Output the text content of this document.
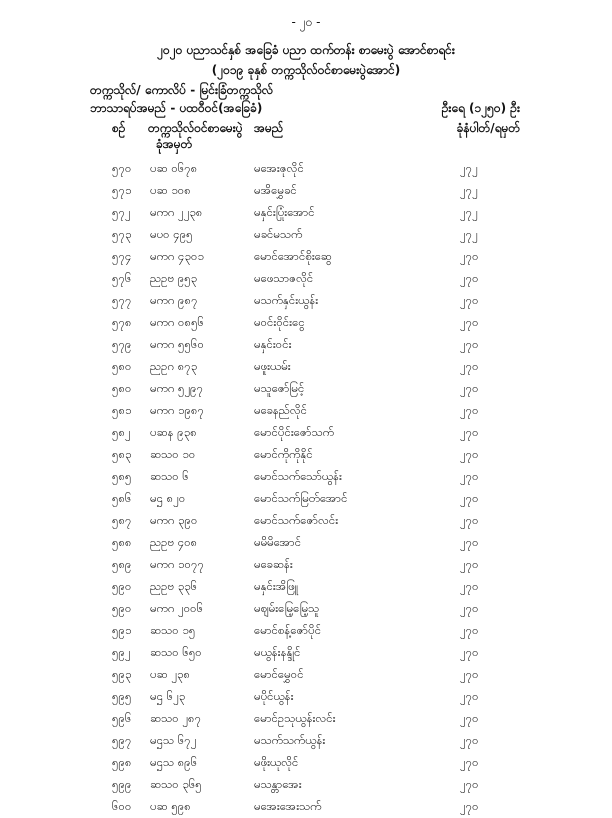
- ၂၀ -
၂၀၂၀ ပညာသင်နှစ် အခြေခံ ပညာ ထက်တန်း စာမေးပွဲ အောင်စာရင်း
(၂၀၁၉ ခုနှစ် တက္ကသိုလ်ဝင်စာမေးပွဲအောင်)
တက္ကသိုလ်/ ကောလိပ် - မြင်းခြံတက္ကသိုလ်
ဘာသာရပ်အမည် - ပထဝီဝင်(အခြေခံ)	ဦးရေ (၁၂၅၀) ဦး
စဉ် တက္ကသိုလ်ဝင်စာမေးပွဲ အမည်	ခုံနံပါတ်/ရမှတ်
ခုံအမှတ်
၅၇၀ ပဆ ၀၆၇၈	မအေးဇုလိုင်	၂၇၂
၅၇၁ ပဆ ၁၀၈	မအိမွှေခင်	၂၇၂
၅၇၂ မကဂ ၂၂၃၈	မနှင်းပြုံးအောင်	၂၇၂
၅၇၃ မပဝ ၄၉၅	မခင်မသက်	၂၇၂
၅၇၄ မကဂ ၄၃၀၁	မောင်အောင်စိုးဆွေ	၂၇၀
၅၇၆ ညဥဗ ၉၅၃	မဖေသာဇလိုင်	၂၇၀
၅၇၇ မကဂ ၉၈၇	မသက်နှင်းယွန်း	၂၇၀
၅၇၈ မကဂ ၀၈၅၆	မဝင်းဝိုင်းငွေ	၂၇၀
၅၇၉ မကဂ ၅၅၆၀	မနှင်းဝင်း	၂၇၀
၅၈၀ ညဥဂ ၈၇၃	မဖူးယမ်း	၂၇၀
၅၈၀ မကဂ ၅၂၉၇	မသူဇော်မြင့်	၂၇၀
၅၈၁ မကဂ ၁၉၈၇	မခေနည်လိုင်	၂၇၀
၅၈၂ ပဆန ၉၃၈	မောင်ပိုင်းဇော်သက်	၂၇၀
၅၈၃ ဆသဝ ၁၀	မောင်ကိုကိုနိုင်	၂၇၀
၅၈၅ ဆသဝ ၆	မောင်သက်သော်ယွန်း	၂၇၀
၅၈၆ မဌ ၈၂၀	မောင်သက်မြတ်အောင်	၂၇၀
၅၈၇ မကဂ ၃၉၀	မောင်သက်ဇော်လင်း	၂၇၀
၅၈၈ ညဥဗ ၄၀၈	မမိမိအောင်	၂၇၀
၅၈၉ မကဂ ၁၀၇၇	မခေဆန်း	၂၇၀
၅၉၀ ညဥဗ ၃၃၆	မနှင်းအိဖြူ	၂၇၀
၅၉၀ မကဂ ၂၀၀၆	မဈမ်းမြေ့မြေ့သူ	၂၇၀
၅၉၁ ဆသဝ ၁၅	မောင်စန့်ဇော်ပိုင်	၂၇၀
၅၉၂ ဆသဝ ၆၅၀	မယွန်းနန္ဒိုင်	၂၇၀
၅၉၃ ပဆ ၂၃၈	မောင်မွှေဝင်	၂၇၀
၅၉၅ မဌ ၆၂၃	မပိုင်ယွန်း	၂၇၀
၅၉၆ ဆသဝ ၂၈၇	မောင်ဥသုယွန်းလင်း	၂၇၀
၅၉၇ မဌသ ၆၇၂	မသက်သက်ယွန်း	၂၇၀
၅၉၈ မဌသ ၈၉၆	မဖိုးယုလိုင်	၂၇၀
၅၉၉ ဆသဝ ၃၆၅	မသန္တာအေး	၂၇၀
၆၀၀ ပဆ ၅၉၈	မအေးအေးသက်	၂၇၀
